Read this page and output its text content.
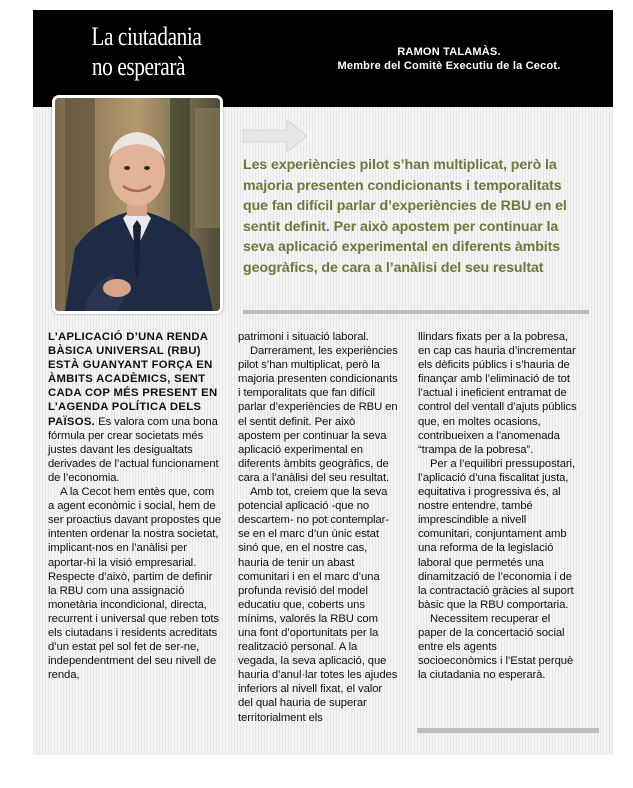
La ciutadania
no esperarà	RAMON TALAMÀS.
Membre del Comitè Executiu de la Cecot.
Les experiències pilot s’han multiplicat, però la majoria presenten condicionants i temporalitats que fan difícil parlar d’experiències de RBU en el sentit definit. Per això apostem per continuar la seva aplicació experimental en diferents àmbits geogràfics, de cara a l’anàlisi del seu resultat

L’APLICACIÓ D’UNA RENDA BÀSICA UNIVERSAL (RBU) ESTÀ GUANYANT FORÇA EN ÀMBITS ACADÈMICS, SENT CADA COP MÉS PRESENT EN L’AGENDA POLÍTICA DELS PAÏSOS. Es valora com una bona fórmula per crear societats més justes davant les desigualtats derivades de l’actual funcionament de l’economia.

A la Cecot hem entès que, com a agent econòmic i social, hem de ser proactius davant propostes que intenten ordenar la nostra societat, implicant-nos en l’anàlisi per aportar-hi la visió empresarial. Respecte d’això, partim de definir la RBU com una assignació monetària incondicional, directa, recurrent i universal que reben tots els ciutadans i residents acreditats d’un estat pel sol fet de ser-ne, independentment del seu nivell de renda,

patrimoni i situació laboral.

Darrerament, les experiències pilot s’han multiplicat, però la majoria presenten condicionants i temporalitats que fan difícil parlar d’experiències de RBU en el sentit definit. Per això apostem per continuar la seva aplicació experimental en diferents àmbits geogràfics, de cara a l’anàlisi del seu resultat.

Amb tot, creiem que la seva potencial aplicació -que no descartem- no pot contemplar-se en el marc d’un únic estat sinó que, en el nostre cas, hauria de tenir un abast comunitari i en el marc d’una profunda revisió del model educatiu que, coberts uns mínims, valorés la RBU com una font d’oportunitats per la realització personal. A la vegada, la seva aplicació, que hauria d’anul·lar totes les ajudes inferiors al nivell fixat, el valor del qual hauria de superar territorialment els

llindars fixats per a la pobresa, en cap cas hauria d’incrementar els dèficits públics i s’hauria de finançar amb l’eliminació de tot l’actual i ineficient entramat de control del ventall d’ajuts públics que, en moltes ocasions, contribueixen a l’anomenada “trampa de la pobresa”.

Per a l’equilibri pressupostari, l’aplicació d’una fiscalitat justa, equitativa i progressiva és, al nostre entendre, també imprescindible a nivell comunitari, conjuntament amb una reforma de la legislació laboral que permetés una dinamització de l’economia i de la contractació gràcies al suport bàsic que la RBU comportaria.

Necessitem recuperar el paper de la concertació social entre els agents socioeconòmics i l’Estat perquè la ciutadania no esperarà.
